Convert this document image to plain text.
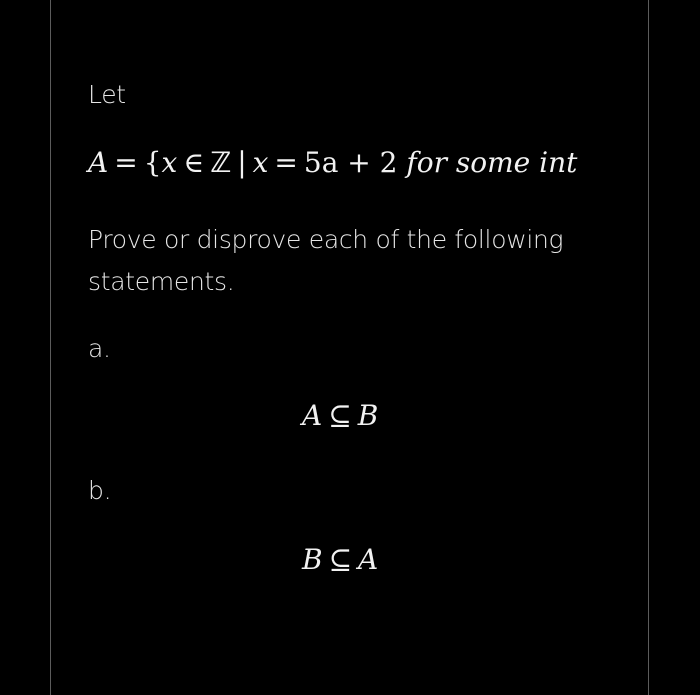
Let
A = {x ∈ ℤ | x = 5a + 2 for some int
Prove or disprove each of the following
statements.
a.
A ⊆ B
b.
B ⊆ A
